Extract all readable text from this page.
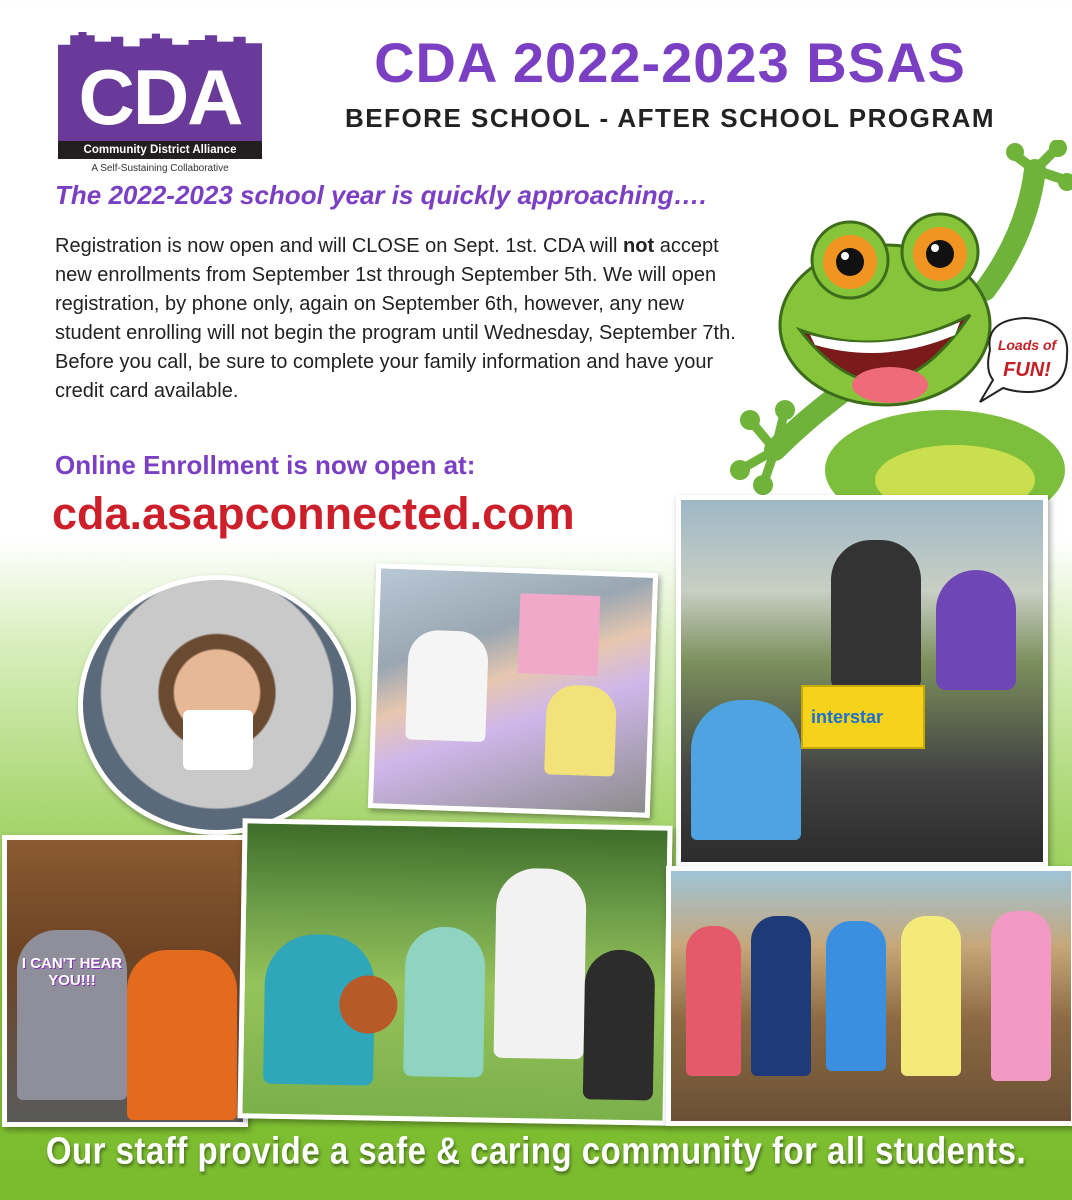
CDA
Community District Alliance
A Self-Sustaining Collaborative
CDA 2022-2023 BSAS
BEFORE SCHOOL - AFTER SCHOOL PROGRAM
Loads of
FUN!
The 2022-2023 school year is quickly approaching….
Registration is now open and will CLOSE on Sept. 1st. CDA will not accept new enrollments from September 1st through September 5th. We will open registration, by phone only, again on September 6th, however, any new student enrolling will not begin the program until Wednesday, September 7th. Before you call, be sure to complete your family information and have your credit card available.
Online Enrollment is now open at:
cda.asapconnected.com
interstar
I CAN'T HEAR YOU!!!
Our staff provide a safe & caring community for all students.
